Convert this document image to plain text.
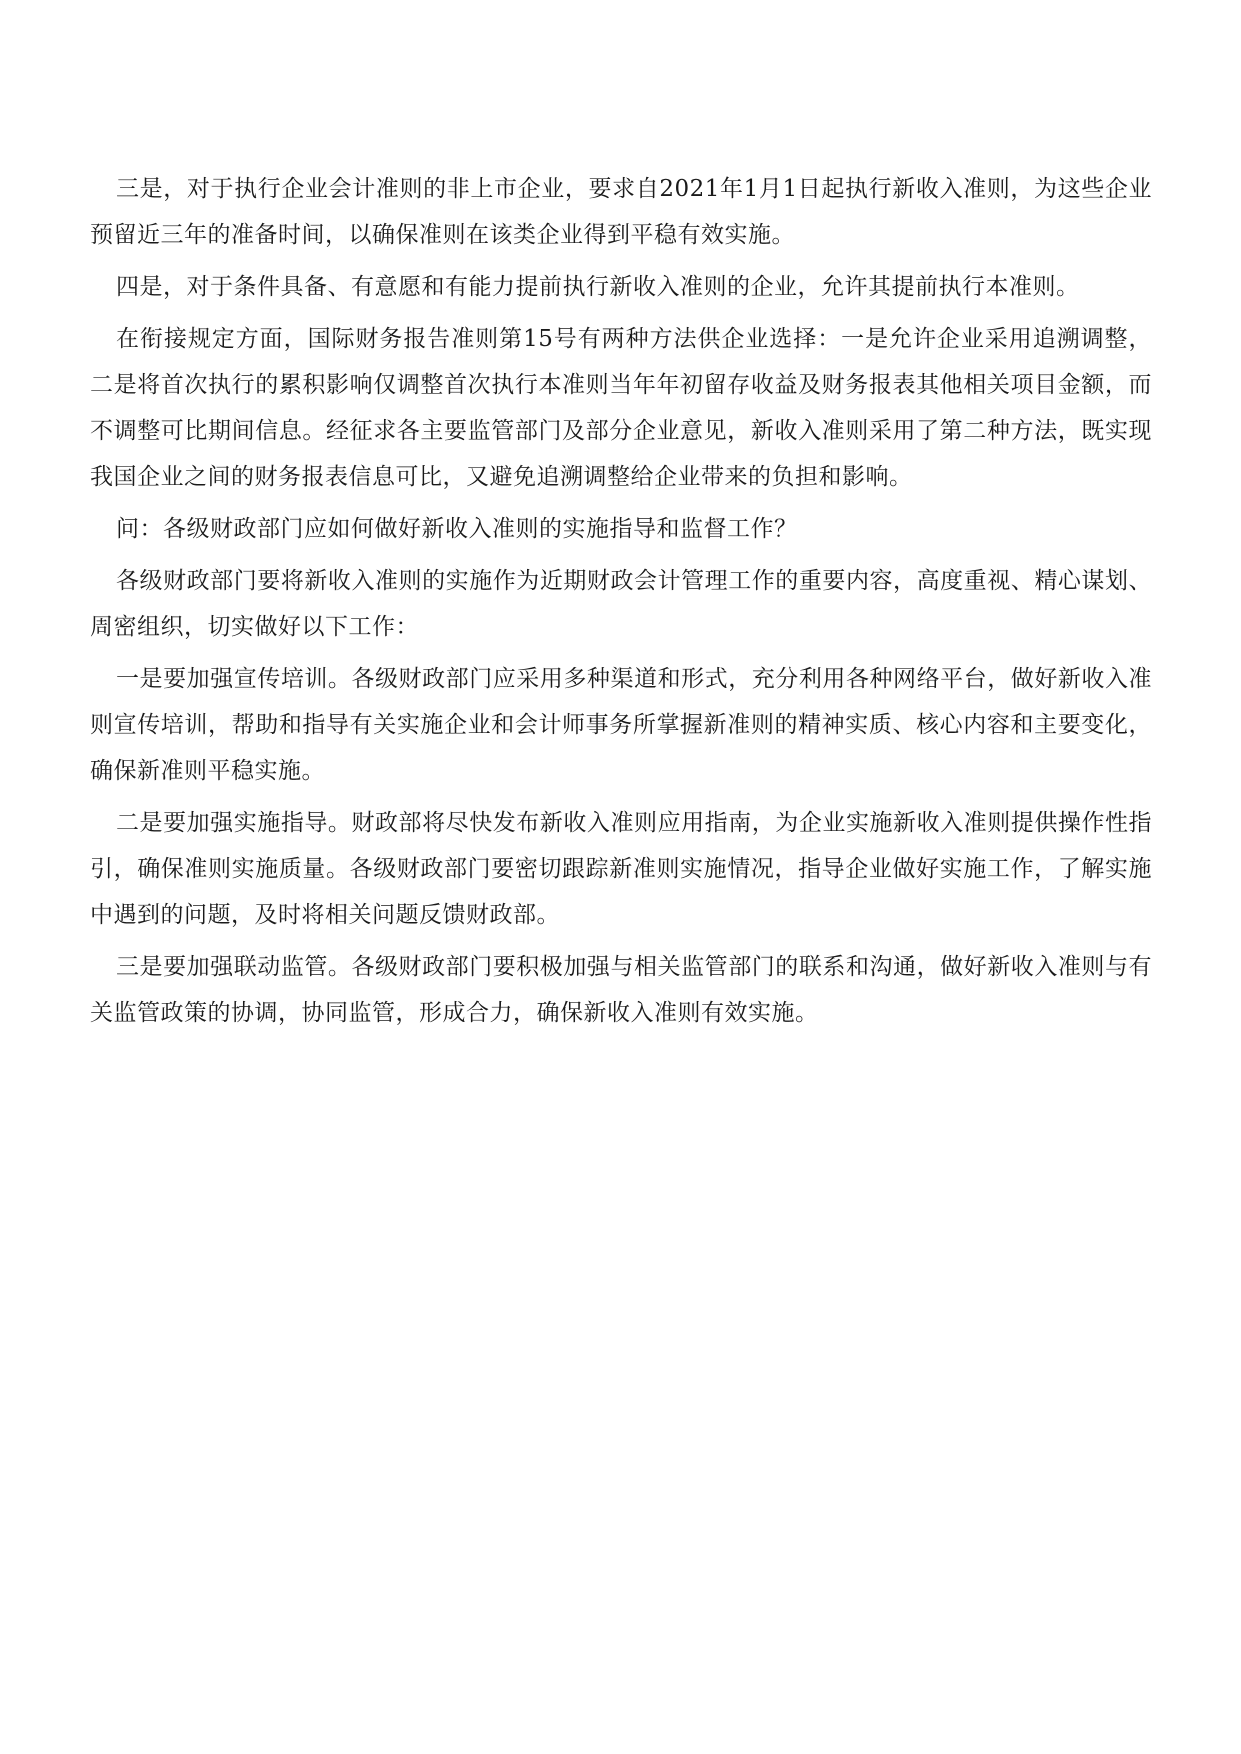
三是，对于执行企业会计准则的非上市企业，要求自2021年1月1日起执行新收入准则，为这些企业预留近三年的准备时间，以确保准则在该类企业得到平稳有效实施。

四是，对于条件具备、有意愿和有能力提前执行新收入准则的企业，允许其提前执行本准则。

在衔接规定方面，国际财务报告准则第15号有两种方法供企业选择：一是允许企业采用追溯调整，二是将首次执行的累积影响仅调整首次执行本准则当年年初留存收益及财务报表其他相关项目金额，而不调整可比期间信息。经征求各主要监管部门及部分企业意见，新收入准则采用了第二种方法，既实现我国企业之间的财务报表信息可比，又避免追溯调整给企业带来的负担和影响。

问：各级财政部门应如何做好新收入准则的实施指导和监督工作？

各级财政部门要将新收入准则的实施作为近期财政会计管理工作的重要内容，高度重视、精心谋划、周密组织，切实做好以下工作：

一是要加强宣传培训。各级财政部门应采用多种渠道和形式，充分利用各种网络平台，做好新收入准则宣传培训，帮助和指导有关实施企业和会计师事务所掌握新准则的精神实质、核心内容和主要变化，确保新准则平稳实施。

二是要加强实施指导。财政部将尽快发布新收入准则应用指南，为企业实施新收入准则提供操作性指引，确保准则实施质量。各级财政部门要密切跟踪新准则实施情况，指导企业做好实施工作，了解实施中遇到的问题，及时将相关问题反馈财政部。

三是要加强联动监管。各级财政部门要积极加强与相关监管部门的联系和沟通，做好新收入准则与有关监管政策的协调，协同监管，形成合力，确保新收入准则有效实施。
